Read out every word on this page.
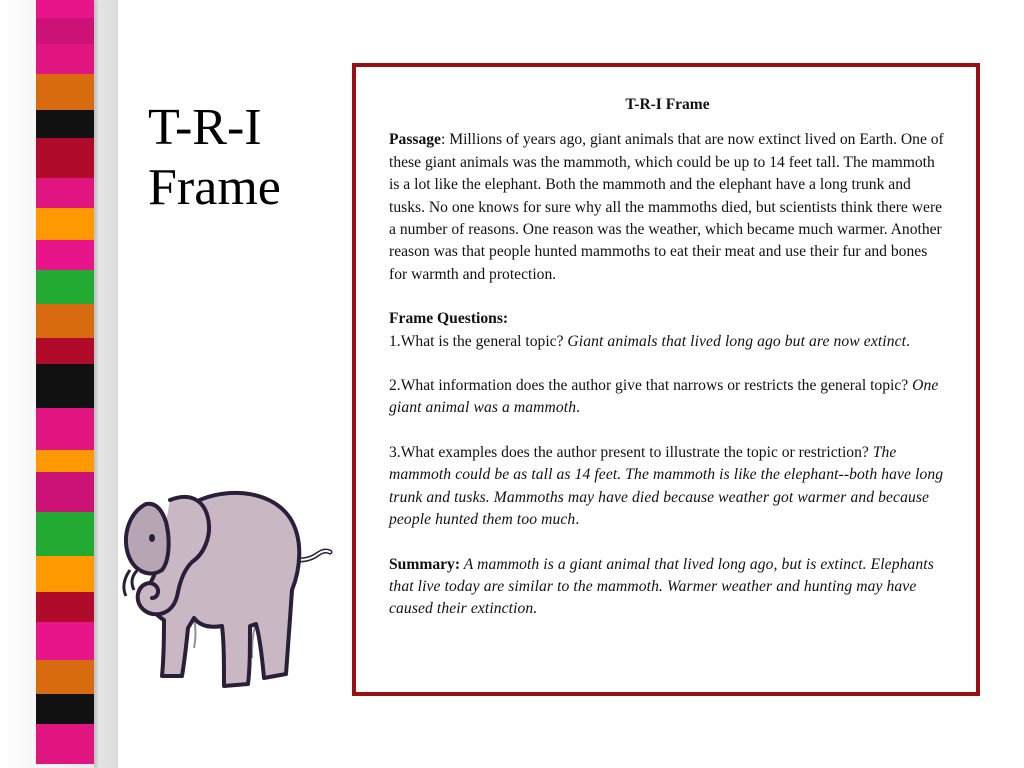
T-R-I
Frame
T-R-I Frame

Passage: Millions of years ago, giant animals that are now extinct lived on Earth. One of these giant animals was the mammoth, which could be up to 14 feet tall. The mammoth is a lot like the elephant. Both the mammoth and the elephant have a long trunk and tusks. No one knows for sure why all the mammoths died, but scientists think there were a number of reasons. One reason was the weather, which became much warmer. Another reason was that people hunted mammoths to eat their meat and use their fur and bones for warmth and protection.

Frame Questions:
1.What is the general topic? Giant animals that lived long ago but are now extinct.

2.What information does the author give that narrows or restricts the general topic? One giant animal was a mammoth.

3.What examples does the author present to illustrate the topic or restriction? The mammoth could be as tall as 14 feet. The mammoth is like the elephant--both have long trunk and tusks. Mammoths may have died because weather got warmer and because people hunted them too much.

Summary: A mammoth is a giant animal that lived long ago, but is extinct. Elephants that live today are similar to the mammoth. Warmer weather and hunting may have caused their extinction.
